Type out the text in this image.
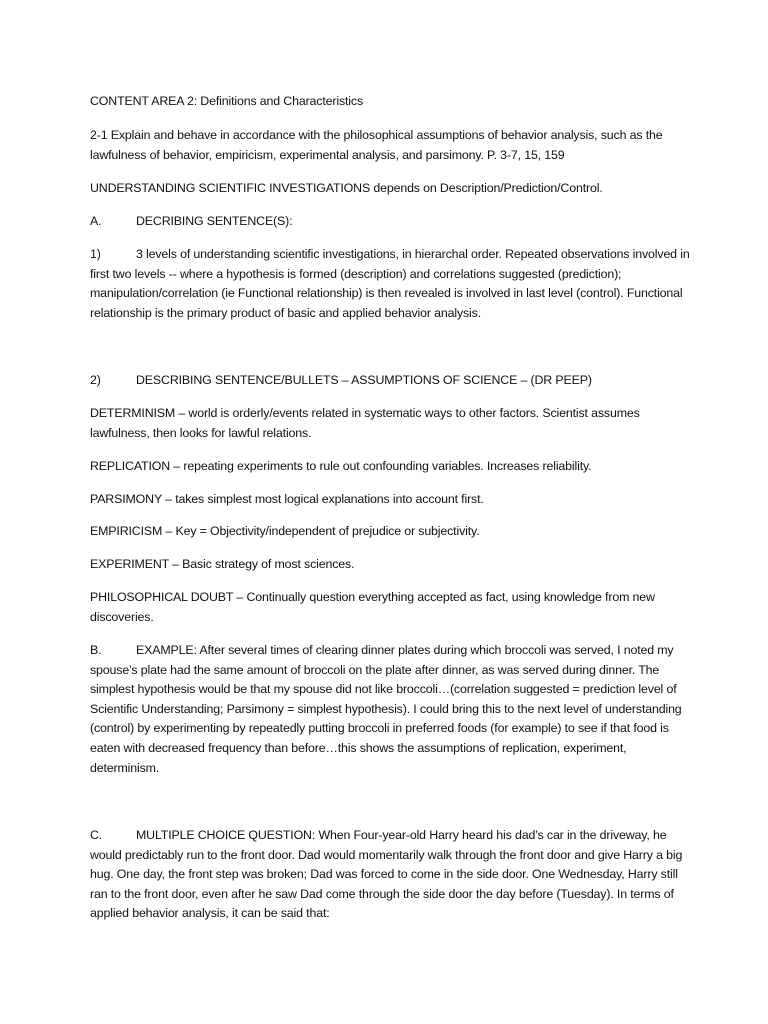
CONTENT AREA 2: Definitions and Characteristics

2-1 Explain and behave in accordance with the philosophical assumptions of behavior analysis, such as the lawfulness of behavior, empiricism, experimental analysis, and parsimony. P. 3-7, 15, 159

UNDERSTANDING SCIENTIFIC INVESTIGATIONS depends on Description/Prediction/Control.

A.	DECRIBING SENTENCE(S):

1)	3 levels of understanding scientific investigations, in hierarchal order. Repeated observations involved in first two levels -- where a hypothesis is formed (description) and correlations suggested (prediction); manipulation/correlation (ie Functional relationship) is then revealed is involved in last level (control). Functional relationship is the primary product of basic and applied behavior analysis.

2)	DESCRIBING SENTENCE/BULLETS – ASSUMPTIONS OF SCIENCE – (DR PEEP)

DETERMINISM – world is orderly/events related in systematic ways to other factors. Scientist assumes lawfulness, then looks for lawful relations.

REPLICATION – repeating experiments to rule out confounding variables. Increases reliability.

PARSIMONY – takes simplest most logical explanations into account first.

EMPIRICISM – Key = Objectivity/independent of prejudice or subjectivity.

EXPERIMENT – Basic strategy of most sciences.

PHILOSOPHICAL DOUBT – Continually question everything accepted as fact, using knowledge from new discoveries.

B.	EXAMPLE: After several times of clearing dinner plates during which broccoli was served, I noted my spouse’s plate had the same amount of broccoli on the plate after dinner, as was served during dinner. The simplest hypothesis would be that my spouse did not like broccoli…(correlation suggested = prediction level of Scientific Understanding; Parsimony = simplest hypothesis). I could bring this to the next level of understanding (control) by experimenting by repeatedly putting broccoli in preferred foods (for example) to see if that food is eaten with decreased frequency than before…this shows the assumptions of replication, experiment, determinism.

C.	MULTIPLE CHOICE QUESTION: When Four-year-old Harry heard his dad’s car in the driveway, he would predictably run to the front door. Dad would momentarily walk through the front door and give Harry a big hug. One day, the front step was broken; Dad was forced to come in the side door. One Wednesday, Harry still ran to the front door, even after he saw Dad come through the side door the day before (Tuesday). In terms of applied behavior analysis, it can be said that:
